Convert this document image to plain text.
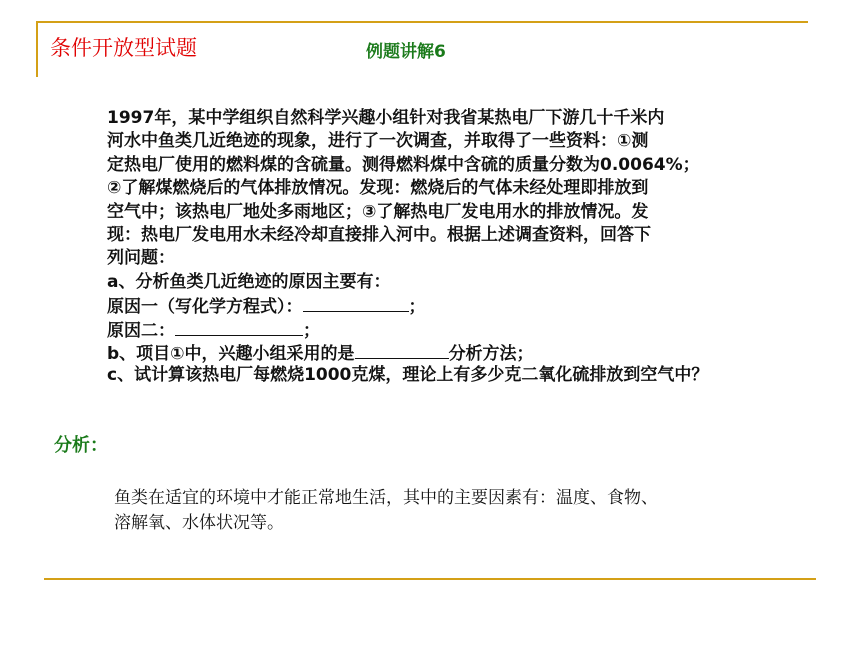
条件开放型试题	例题讲解6
1997年，某中学组织自然科学兴趣小组针对我省某热电厂下游几十千米内
河水中鱼类几近绝迹的现象，进行了一次调查，并取得了一些资料：①测
定热电厂使用的燃料煤的含硫量。测得燃料煤中含硫的质量分数为0.0064%；
②了解煤燃烧后的气体排放情况。发现：燃烧后的气体未经处理即排放到
空气中；该热电厂地处多雨地区；③了解热电厂发电用水的排放情况。发
现：热电厂发电用水未经冷却直接排入河中。根据上述调查资料，回答下
列问题：
a、分析鱼类几近绝迹的原因主要有：
原因一（写化学方程式）：	；
原因二：	；
b、项目①中，兴趣小组采用的是	分析方法；
c、试计算该热电厂每燃烧1000克煤，理论上有多少克二氧化硫排放到空气中？
分析：
鱼类在适宜的环境中才能正常地生活，其中的主要因素有：温度、食物、
溶解氧、水体状况等。
